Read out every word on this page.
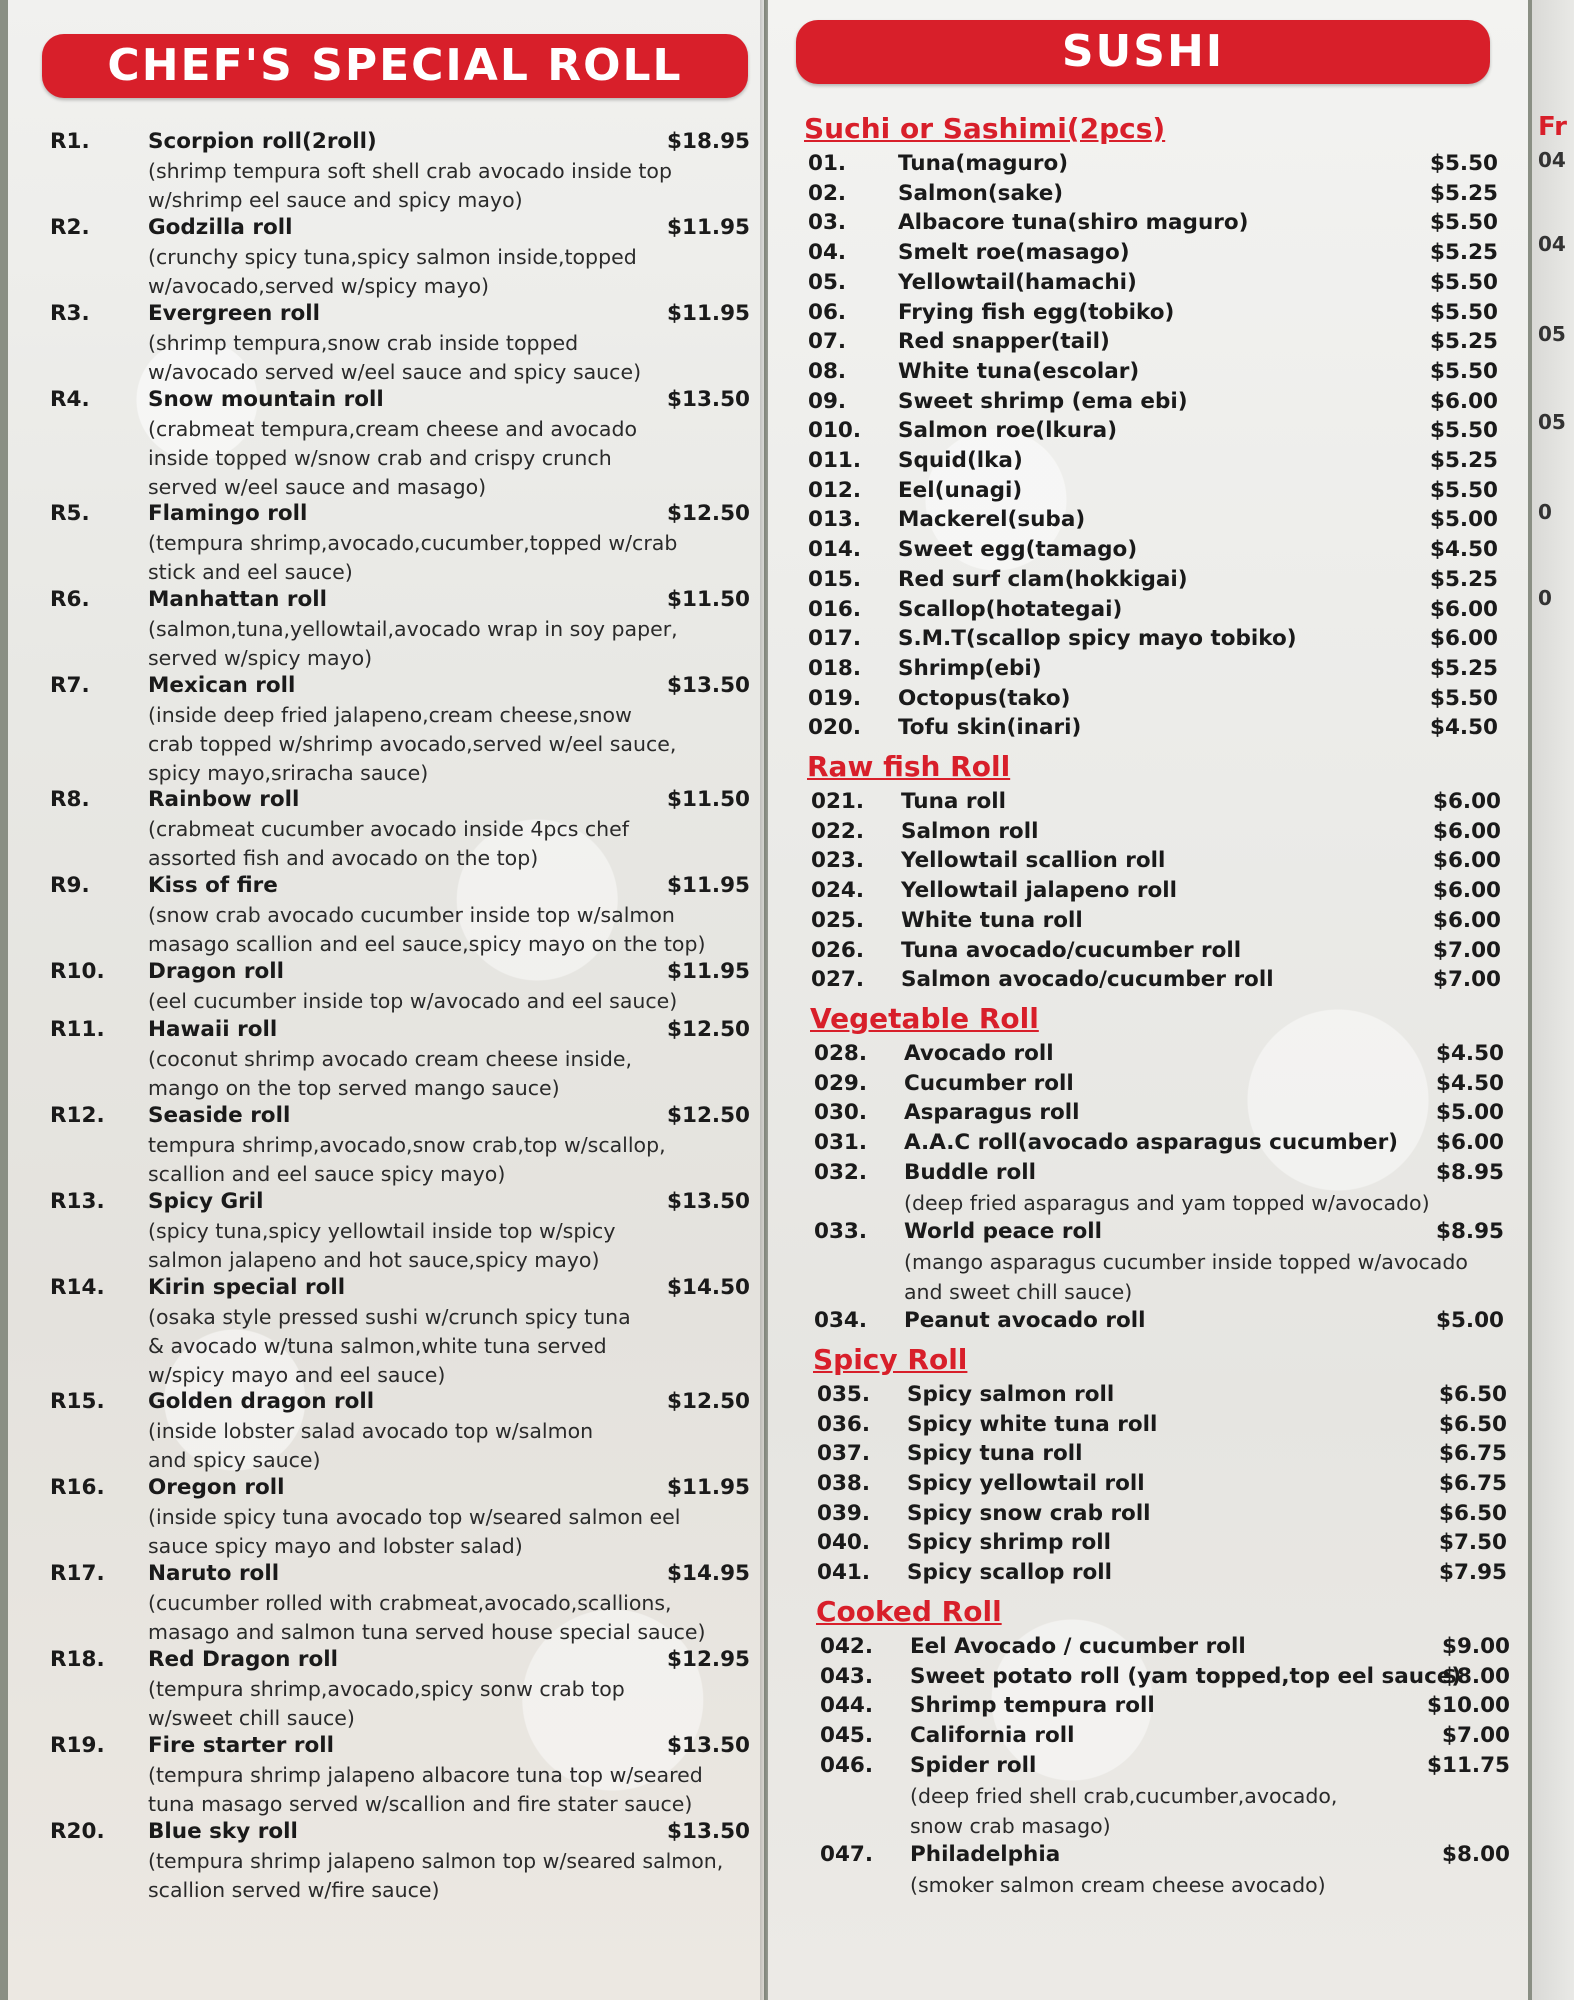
CHEF'S SPECIAL ROLL
R1.	Scorpion roll(2roll)	$18.95
(shrimp tempura soft shell crab avocado inside top
w/shrimp eel sauce and spicy mayo)
R2.	Godzilla roll	$11.95
(crunchy spicy tuna,spicy salmon inside,topped
w/avocado,served w/spicy mayo)
R3.	Evergreen roll	$11.95
(shrimp tempura,snow crab inside topped
w/avocado served w/eel sauce and spicy sauce)
R4.	Snow mountain roll	$13.50
(crabmeat tempura,cream cheese and avocado
inside topped w/snow crab and crispy crunch
served w/eel sauce and masago)
R5.	Flamingo roll	$12.50
(tempura shrimp,avocado,cucumber,topped w/crab
stick and eel sauce)
R6.	Manhattan roll	$11.50
(salmon,tuna,yellowtail,avocado wrap in soy paper,
served w/spicy mayo)
R7.	Mexican roll	$13.50
(inside deep fried jalapeno,cream cheese,snow
crab topped w/shrimp avocado,served w/eel sauce,
spicy mayo,sriracha sauce)
R8.	Rainbow roll	$11.50
(crabmeat cucumber avocado inside 4pcs chef
assorted fish and avocado on the top)
R9.	Kiss of fire	$11.95
(snow crab avocado cucumber inside top w/salmon
masago scallion and eel sauce,spicy mayo on the top)
R10. Dragon roll	$11.95
(eel cucumber inside top w/avocado and eel sauce)
R11. Hawaii roll	$12.50
(coconut shrimp avocado cream cheese inside,
mango on the top served mango sauce)
R12. Seaside roll	$12.50
tempura shrimp,avocado,snow crab,top w/scallop,
scallion and eel sauce spicy mayo)
R13. Spicy Gril	$13.50
(spicy tuna,spicy yellowtail inside top w/spicy
salmon jalapeno and hot sauce,spicy mayo)
R14. Kirin special roll	$14.50
(osaka style pressed sushi w/crunch spicy tuna
& avocado w/tuna salmon,white tuna served
w/spicy mayo and eel sauce)
R15. Golden dragon roll	$12.50
(inside lobster salad avocado top w/salmon
and spicy sauce)
R16. Oregon roll	$11.95
(inside spicy tuna avocado top w/seared salmon eel
sauce spicy mayo and lobster salad)
R17. Naruto roll	$14.95
(cucumber rolled with crabmeat,avocado,scallions,
masago and salmon tuna served house special sauce)
R18. Red Dragon roll	$12.95
(tempura shrimp,avocado,spicy sonw crab top
w/sweet chill sauce)
R19. Fire starter roll	$13.50
(tempura shrimp jalapeno albacore tuna top w/seared
tuna masago served w/scallion and fire stater sauce)
R20. Blue sky roll	$13.50
(tempura shrimp jalapeno salmon top w/seared salmon,
scallion served w/fire sauce)
SUSHI
Suchi or Sashimi(2pcs)
01. Tuna(maguro)	$5.50
02. Salmon(sake)	$5.25
03. Albacore tuna(shiro maguro)	$5.50
04. Smelt roe(masago)	$5.25
05. Yellowtail(hamachi)	$5.50
06. Frying fish egg(tobiko)	$5.50
07. Red snapper(tail)	$5.25
08. White tuna(escolar)	$5.50
09. Sweet shrimp (ema ebi)	$6.00
010. Salmon roe(lkura)	$5.50
011. Squid(lka)	$5.25
012. Eel(unagi)	$5.50
013. Mackerel(suba)	$5.00
014. Sweet egg(tamago)	$4.50
015. Red surf clam(hokkigai)	$5.25
016. Scallop(hotategai)	$6.00
017. S.M.T(scallop spicy mayo tobiko)	$6.00
018. Shrimp(ebi)	$5.25
019. Octopus(tako)	$5.50
020. Tofu skin(inari)	$4.50
Raw fish Roll
021. Tuna roll	$6.00
022. Salmon roll	$6.00
023. Yellowtail scallion roll	$6.00
024. Yellowtail jalapeno roll	$6.00
025. White tuna roll	$6.00
026. Tuna avocado/cucumber roll	$7.00
027. Salmon avocado/cucumber roll	$7.00
Vegetable Roll
028. Avocado roll	$4.50
029. Cucumber roll	$4.50
030. Asparagus roll	$5.00
031. A.A.C roll(avocado asparagus cucumber) $6.00
032. Buddle roll	$8.95
(deep fried asparagus and yam topped w/avocado)
033. World peace roll	$8.95
(mango asparagus cucumber inside topped w/avocado
and sweet chill sauce)
034. Peanut avocado roll	$5.00
Spicy Roll
035. Spicy salmon roll	$6.50
036. Spicy white tuna roll	$6.50
037. Spicy tuna roll	$6.75
038. Spicy yellowtail roll	$6.75
039. Spicy snow crab roll	$6.50
040. Spicy shrimp roll	$7.50
041. Spicy scallop roll	$7.95
Cooked Roll
042. Eel Avocado / cucumber roll	$9.00
043. Sweet potato roll (yam topped,top eel sauce)
$8.00
044. Shrimp tempura roll	$10.00
045. California roll	$7.00
046. Spider roll	$11.75
(deep fried shell crab,cucumber,avocado,
snow crab masago)
047. Philadelphia	$8.00
(smoker salmon cream cheese avocado)
Fr
04
04
05
05
0
0
